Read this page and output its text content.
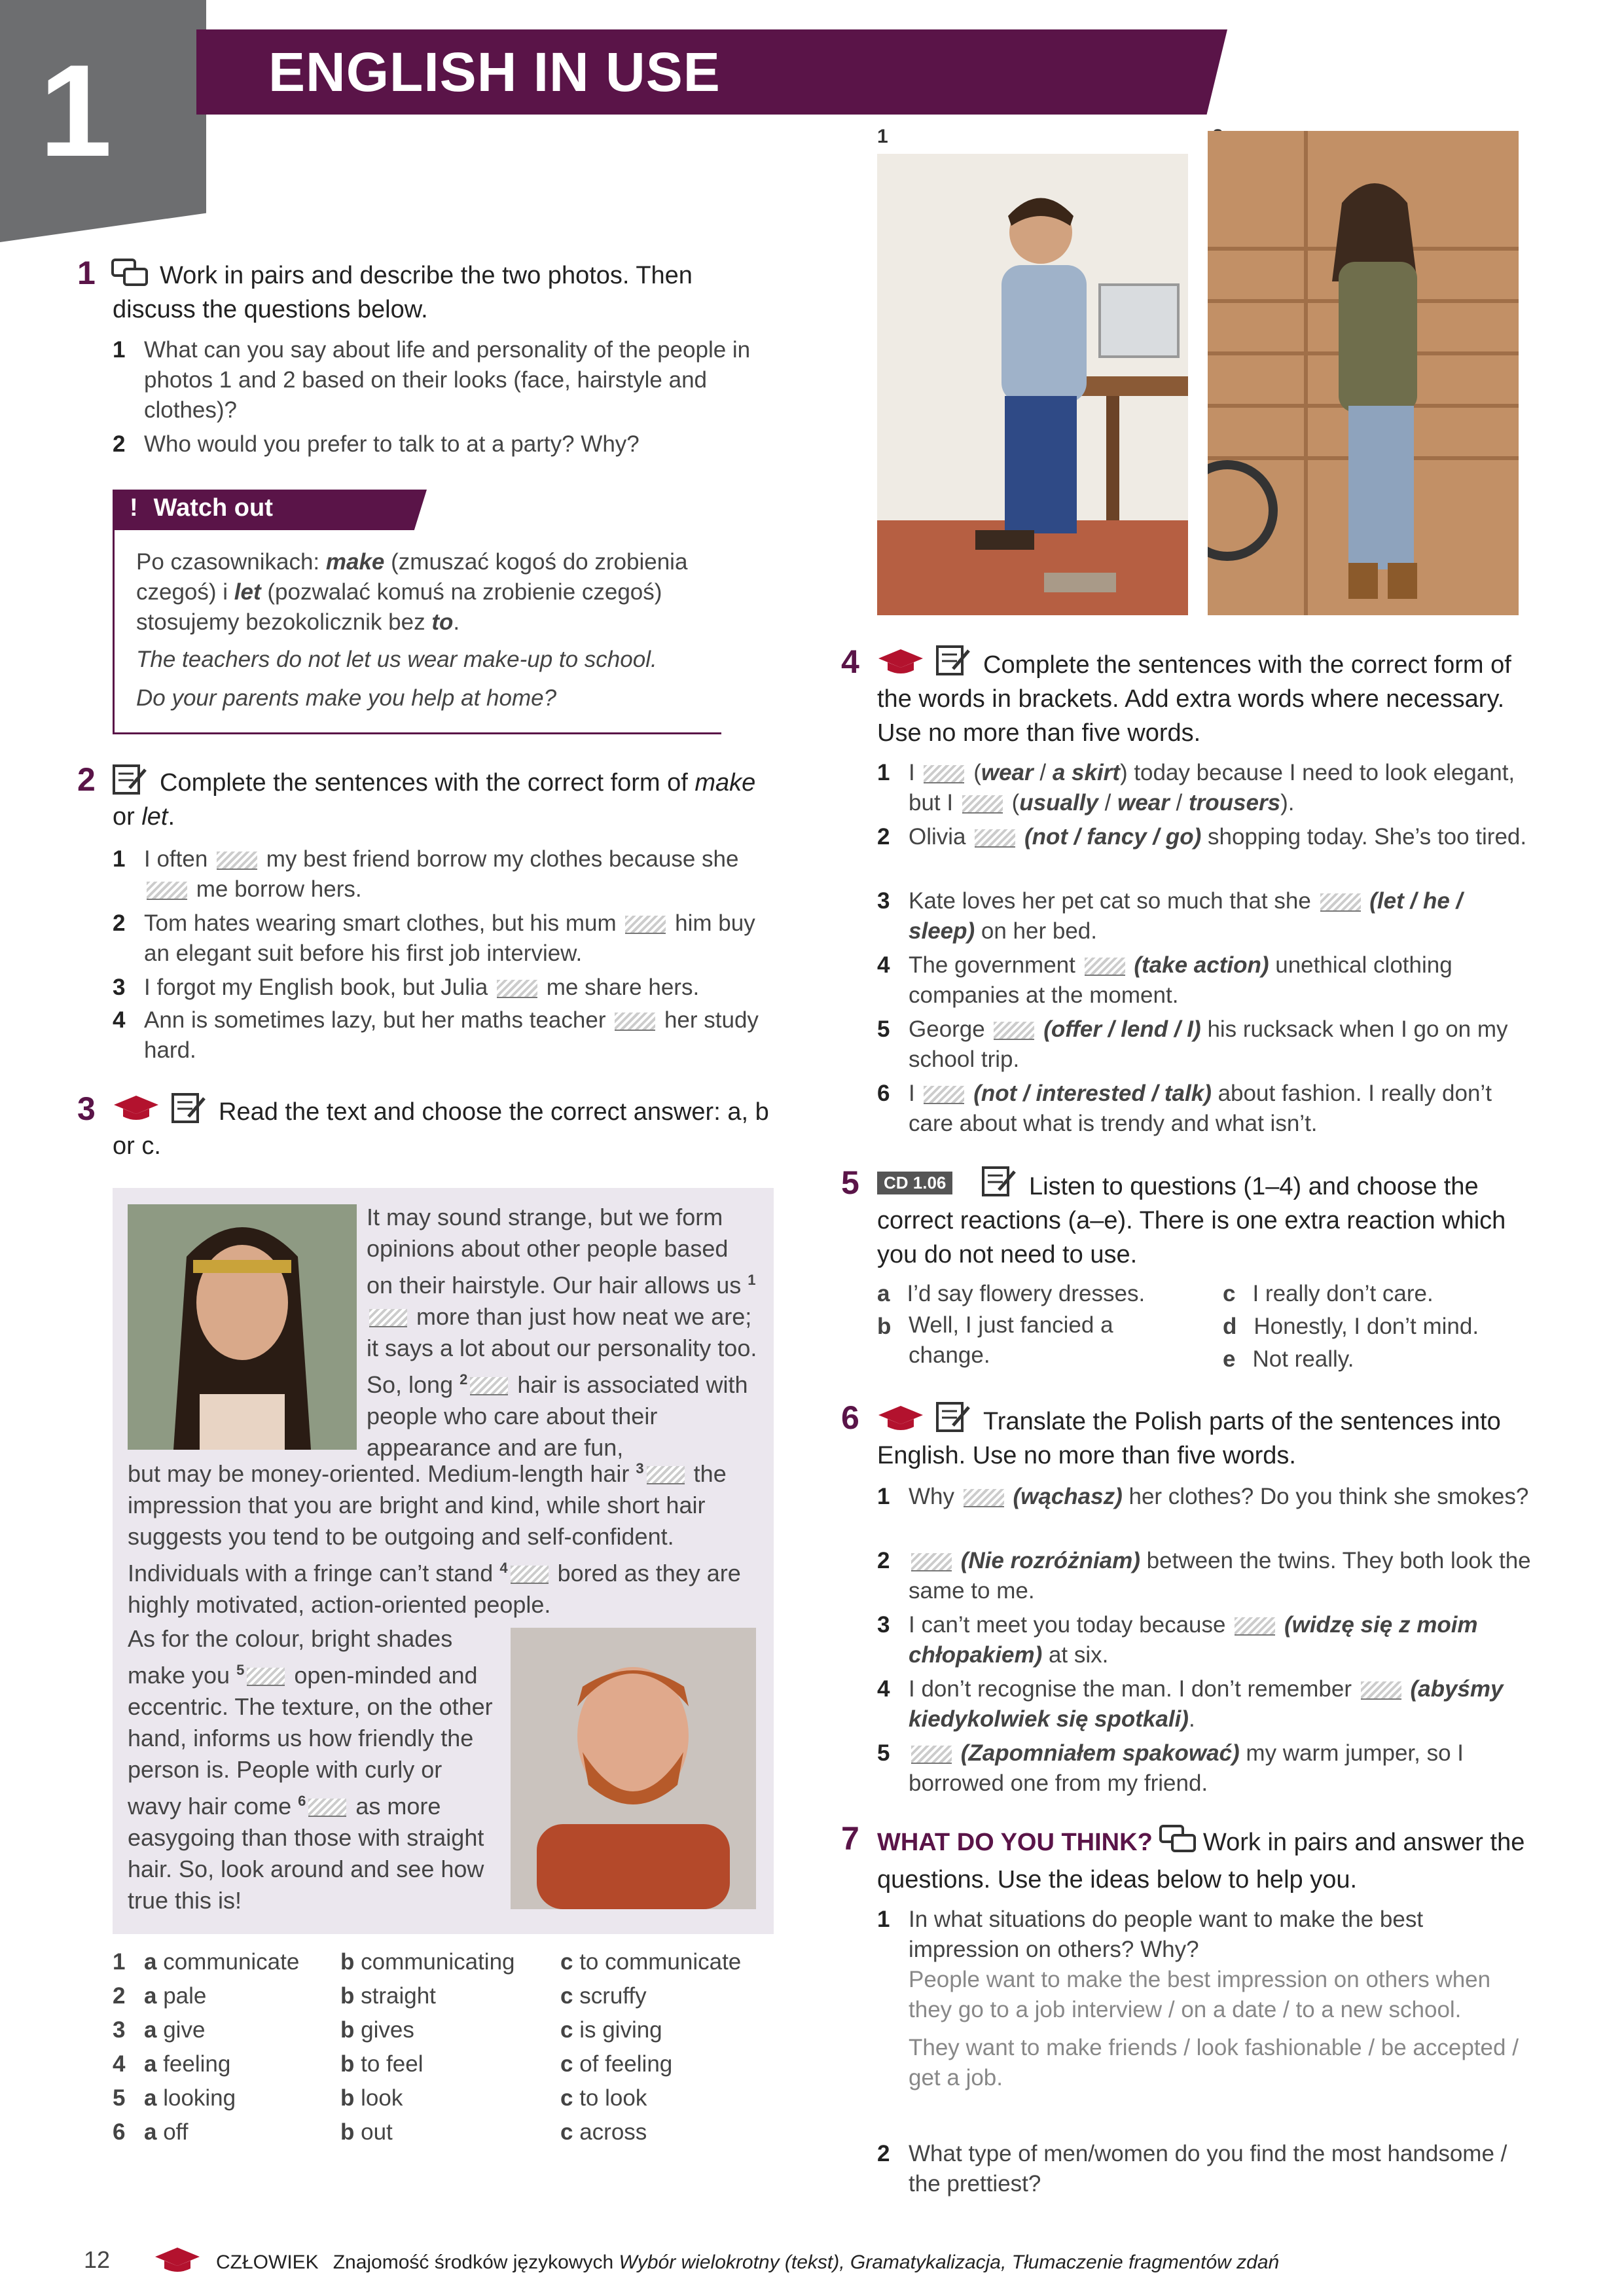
1	ENGLISH IN USE
1
1	Work in pairs and describe the two photos. Then discuss the questions below.
1 What can you say about life and personality of the people in photos 1 and 2 based on their looks (face, hairstyle and clothes)?
2 Who would you prefer to talk to at a party? Why?
! Watch out
Po czasownikach: make (zmuszać kogoś do zrobienia czegoś) i let (pozwalać komuś na zrobienie czegoś) stosujemy bezokolicznik bez to.
The teachers do not let us wear make-up to school.
Do your parents make you help at home?
2	Complete the sentences with the correct form of make or let.
1 I often	my best friend borrow my clothes because she  me borrow hers.
2 Tom hates wearing smart clothes, but his mum	him buy an elegant suit before his first job interview.
3 I forgot my English book, but Julia	me share hers.
4 Ann is sometimes lazy, but her maths teacher	her study hard.
3	Read the text and choose the correct answer: a, b or c.
It may sound strange, but we form opinions about other people based on their hairstyle. Our hair allows us $^1$ more than just how neat we are; it says a lot about our personality too. So, long $^2$ hair is associated with people who care about their appearance and are fun,
but may be money-oriented. Medium-length hair $^3$ the impression that you are bright and kind, while short hair suggests you tend to be outgoing and self-confident. Individuals with a fringe can’t stand $^4$ bored as they are highly motivated, action-oriented people.
As for the colour, bright shades make you $^5$ open-minded and eccentric. The texture, on the other hand, informs us how friendly the person is. People with curly or wavy hair come $^6$ as more easygoing than those with straight hair. So, look around and see how true this is!
1 a communicate	b communicating	c to communicate
2 a pale	b straight	c scruffy
3 a give	b gives	c is giving
4 a feeling	b to feel	c of feeling
5 a looking	b look	c to look
6 a off	b out	c across
4	Complete the sentences with the correct form of the words in brackets. Add extra words where necessary. Use no more than five words.
1 I	(wear / a skirt) today because I need to look elegant, but I	(usually / wear / trousers).
2 Olivia	(not / fancy / go) shopping today. She’s too tired.
3 Kate loves her pet cat so much that she	(let / he / sleep) on her bed.
4 The government	(take action) unethical clothing companies at the moment.
5 George	(offer / lend / I) his rucksack when I go on my school trip.
6 I	(not / interested / talk) about fashion. I really don’t care about what is trendy and what isn’t.
5	CD 1.06	Listen to questions (1–4) and choose the correct reactions (a–e). There is one extra reaction which you do not need to use.
a I’d say flowery dresses.
b Well, I just fancied a change.
c I really don’t care.
d Honestly, I don’t mind.
e Not really.
6	Translate the Polish parts of the sentences into English. Use no more than five words.
1 Why	(wąchasz) her clothes? Do you think she smokes?
2	(Nie rozróżniam) between the twins. They both look the same to me.
3 I can’t meet you today because	(widzę się z moim chłopakiem) at six.
4 I don’t recognise the man. I don’t remember	(abyśmy kiedykolwiek się spotkali).
5	(Zapomniałem spakować) my warm jumper, so I borrowed one from my friend.
7 WHAT DO YOU THINK? Work in pairs and answer the questions. Use the ideas below to help you.
1 In what situations do people want to make the best impression on others? Why?
People want to make the best impression on others when they go to a job interview / on a date / to a new school.
They want to make friends / look fashionable / be accepted / get a job.
2 What type of men/women do you find the most handsome / the prettiest?
12	CZŁOWIEK Znajomość środków językowych Wybór wielokrotny (tekst), Gramatykalizacja, Tłumaczenie fragmentów zdań
